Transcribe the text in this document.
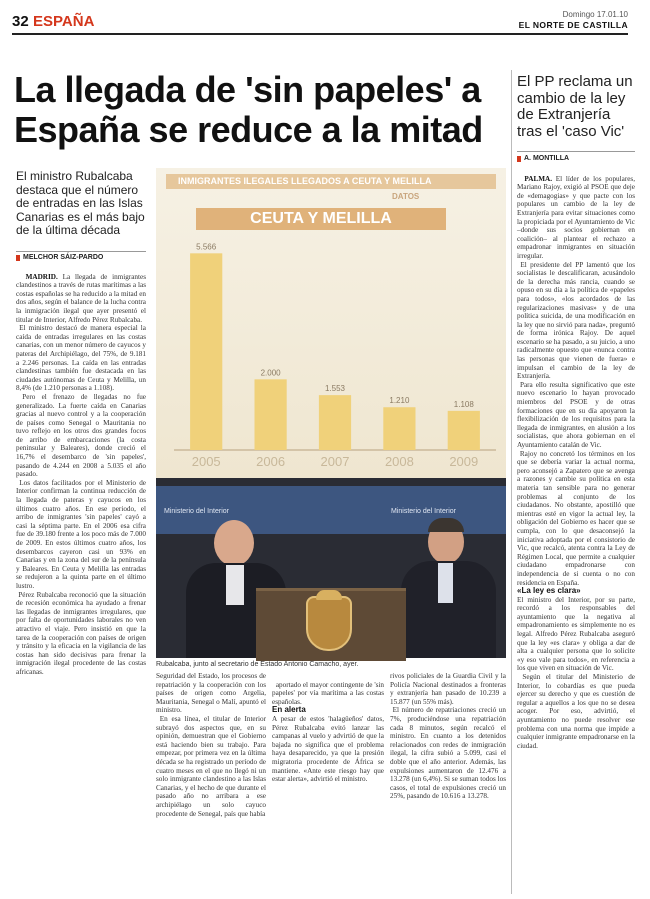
32 ESPAÑA	Domingo 17.01.10
EL NORTE DE CASTILLA
La llegada de 'sin papeles' a
España se reduce a la mitad
El ministro Rubalcaba destaca que el número de entradas en las Islas Canarias es el más bajo de la última década
MELCHOR SÁIZ-PARDO

MADRID. La llegada de inmigrantes clandestinos a través de rutas marítimas a las costas españolas se ha reducido a la mitad en dos años, según el balance de la lucha contra la inmigración ilegal que ayer presentó el titular de Interior, Alfredo Pérez Rubalcaba.
El ministro destacó de manera especial la caída de entradas irregulares en las costas canarias, con un menor número de cayucos y pateras del Archipiélago, del 75%, de 9.181 a 2.246 personas. La caída en las entradas clandestinas también fue destacada en las ciudades autónomas de Ceuta y Melilla, un 8,4% (de 1.210 personas a 1.108).
Pero el frenazo de llegadas no fue generalizado. La fuerte caída en Canarias gracias al nuevo control y a la cooperación de países como Senegal o Mauritania no tuvo reflejo en los otros dos grandes focos de arribo de embarcaciones (la costa peninsular y Baleares), donde creció el 16,7% el desembarco de 'sin papeles', pasando de 4.244 en 2008 a 5.035 el año pasado.
Los datos facilitados por el Ministerio de Interior confirman la continua reducción de la llegada de pateras y cayucos en los últimos cuatro años. En ese periodo, el arribo de inmigrantes 'sin papeles' cayó a casi la séptima parte. En el 2006 esa cifra fue de 39.180 frente a los poco más de 7.000 de 2009. En estos últimos cuatro años, los desembarcos cayeron casi un 93% en Canarias y en la zona del sur de la península y Baleares. En Ceuta y Melilla las entradas se redujeron a la quinta parte en el último lustro.
Pérez Rubalcaba reconoció que la situación de recesión económica ha ayudado a frenar las llegadas de inmigrantes irregulares, que por falta de oportunidades laborales no ven atractivo el viaje. Pero insistió en que la tarea de la cooperación con países de origen y tránsito y la eficacia en la vigilancia de las costas han sido decisivas para frenar la inmigración ilegal procedente de las costas africanas.

INMIGRANTES ILEGALES LLEGADOS A CEUTA Y MELILLA
CEUTA Y MELILLA
DATOS
5.566
2005
2.000
2006
1.553
2007
1.210
2008
1.108
2009
Ministerio del Interior	Ministerio del Interior
Rubalcaba, junto al secretario de Estado Antonio Camacho, ayer.
Seguridad del Estado, los procesos de repatriación y la cooperación con los países de origen como Argelia, Mauritania, Senegal o Malí, apuntó el ministro.
En esa línea, el titular de Interior subrayó dos aspectos que, en su opinión, demuestran que el Gobierno está haciendo bien su trabajo. Para empezar, por primera vez en la última década se ha registrado un período de cuatro meses en el que no llegó ni un solo inmigrante clandestino a las Islas Canarias, y el hecho de que durante el pasado año no arribara a ese archipiélago un solo cayuco procedente de Senegal, país que había

aportado el mayor contingente de 'sin papeles' por vía marítima a las costas españolas.
En alerta
A pesar de estos 'halagüeños' datos, Pérez Rubalcaba evitó lanzar las campanas al vuelo y advirtió de que la bajada no significa que el problema haya desaparecido, ya que la presión migratoria procedente de África se mantiene. «Ante este riesgo hay que estar alerta», advirtió el ministro.

rivos policiales de la Guardia Civil y la Policía Nacional destinados a fronteras y extranjería han pasado de 10.239 a 15.877 (un 55% más).
El número de repatriaciones creció un 7%, produciéndose una repatriación cada 8 minutos, según recalcó el ministro. En cuanto a los detenidos relacionados con redes de inmigración ilegal, la cifra subió a 5.099, casi el doble que el año anterior. Además, las expulsiones aumentaron de 12.476 a 13.278 (un 6,4%). Si se suman todos los casos, el total de expulsiones creció un 25%, pasando de 10.616 a 13.278.
El PP reclama un cambio de la ley de Extranjería tras el 'caso Vic'
A. MONTILLA

PALMA. El líder de los populares, Mariano Rajoy, exigió al PSOE que deje de «demagogias» y que pacte con los populares un cambio de la ley de Extranjería para evitar situaciones como la propiciada por el Ayuntamiento de Vic –donde sus socios gobiernan en coalición– al plantear el rechazo a empadronar inmigrantes en situación irregular.
El presidente del PP lamentó que los socialistas le descalificaran, acusándolo de la derecha más rancia, cuando se opuso en su día a la política de «papeles para todos», «los acordados de las regularizaciones masivas» y de una política suicida, de una modificación en la ley que no sirvió para nada», preguntó de forma irónica Rajoy. De aquel escenario se ha pasado, a su juicio, a uno radicalmente opuesto que «nunca contra las personas que vienen de fuera» e impulsan el cambio de la ley de Extranjería.
Para ello resulta significativo que este nuevo escenario lo hayan provocado miembros del PSOE y de otras formaciones que en su día apoyaron la flexibilización de los requisitos para la llegada de inmigrantes, en alusión a los socialistas, que ahora gobiernan en el Ayuntamiento catalán de Vic.
Rajoy no concretó los términos en los que se debería variar la actual norma, pero aconsejó a Zapatero que se avenga a razones y cambie su política en esta materia tan sensible para no generar problemas al conjunto de los ciudadanos. No obstante, apostilló que mientras esté en vigor la actual ley, la obligación del Gobierno es hacer que se cumpla, con lo que desaconsejó la iniciativa adoptada por el consistorio de Vic, que recalcó, atenta contra la Ley de Régimen Local, que permite a cualquier ciudadano empadronarse con independencia de si cuenta o no con residencia en España.
«La ley es clara»
El ministro del Interior, por su parte, recordó a los responsables del ayuntamiento que la negativa al empadronamiento es simplemente no es legal. Alfredo Pérez Rubalcaba aseguró que la ley «es clara» y obliga a dar de alta a cualquier persona que lo solicite «y eso vale para todos», en referencia a los que viven en situación de Vic.
Según el titular del Ministerio de Interior, lo cobardías es que pueda ejercer su derecho y que es cuestión de regular a aquellos a los que no se desea acoger. Por eso, advirtió, el ayuntamiento no puede resolver ese problema con una norma que impide a cualquier inmigrante empadronarse en la ciudad.
